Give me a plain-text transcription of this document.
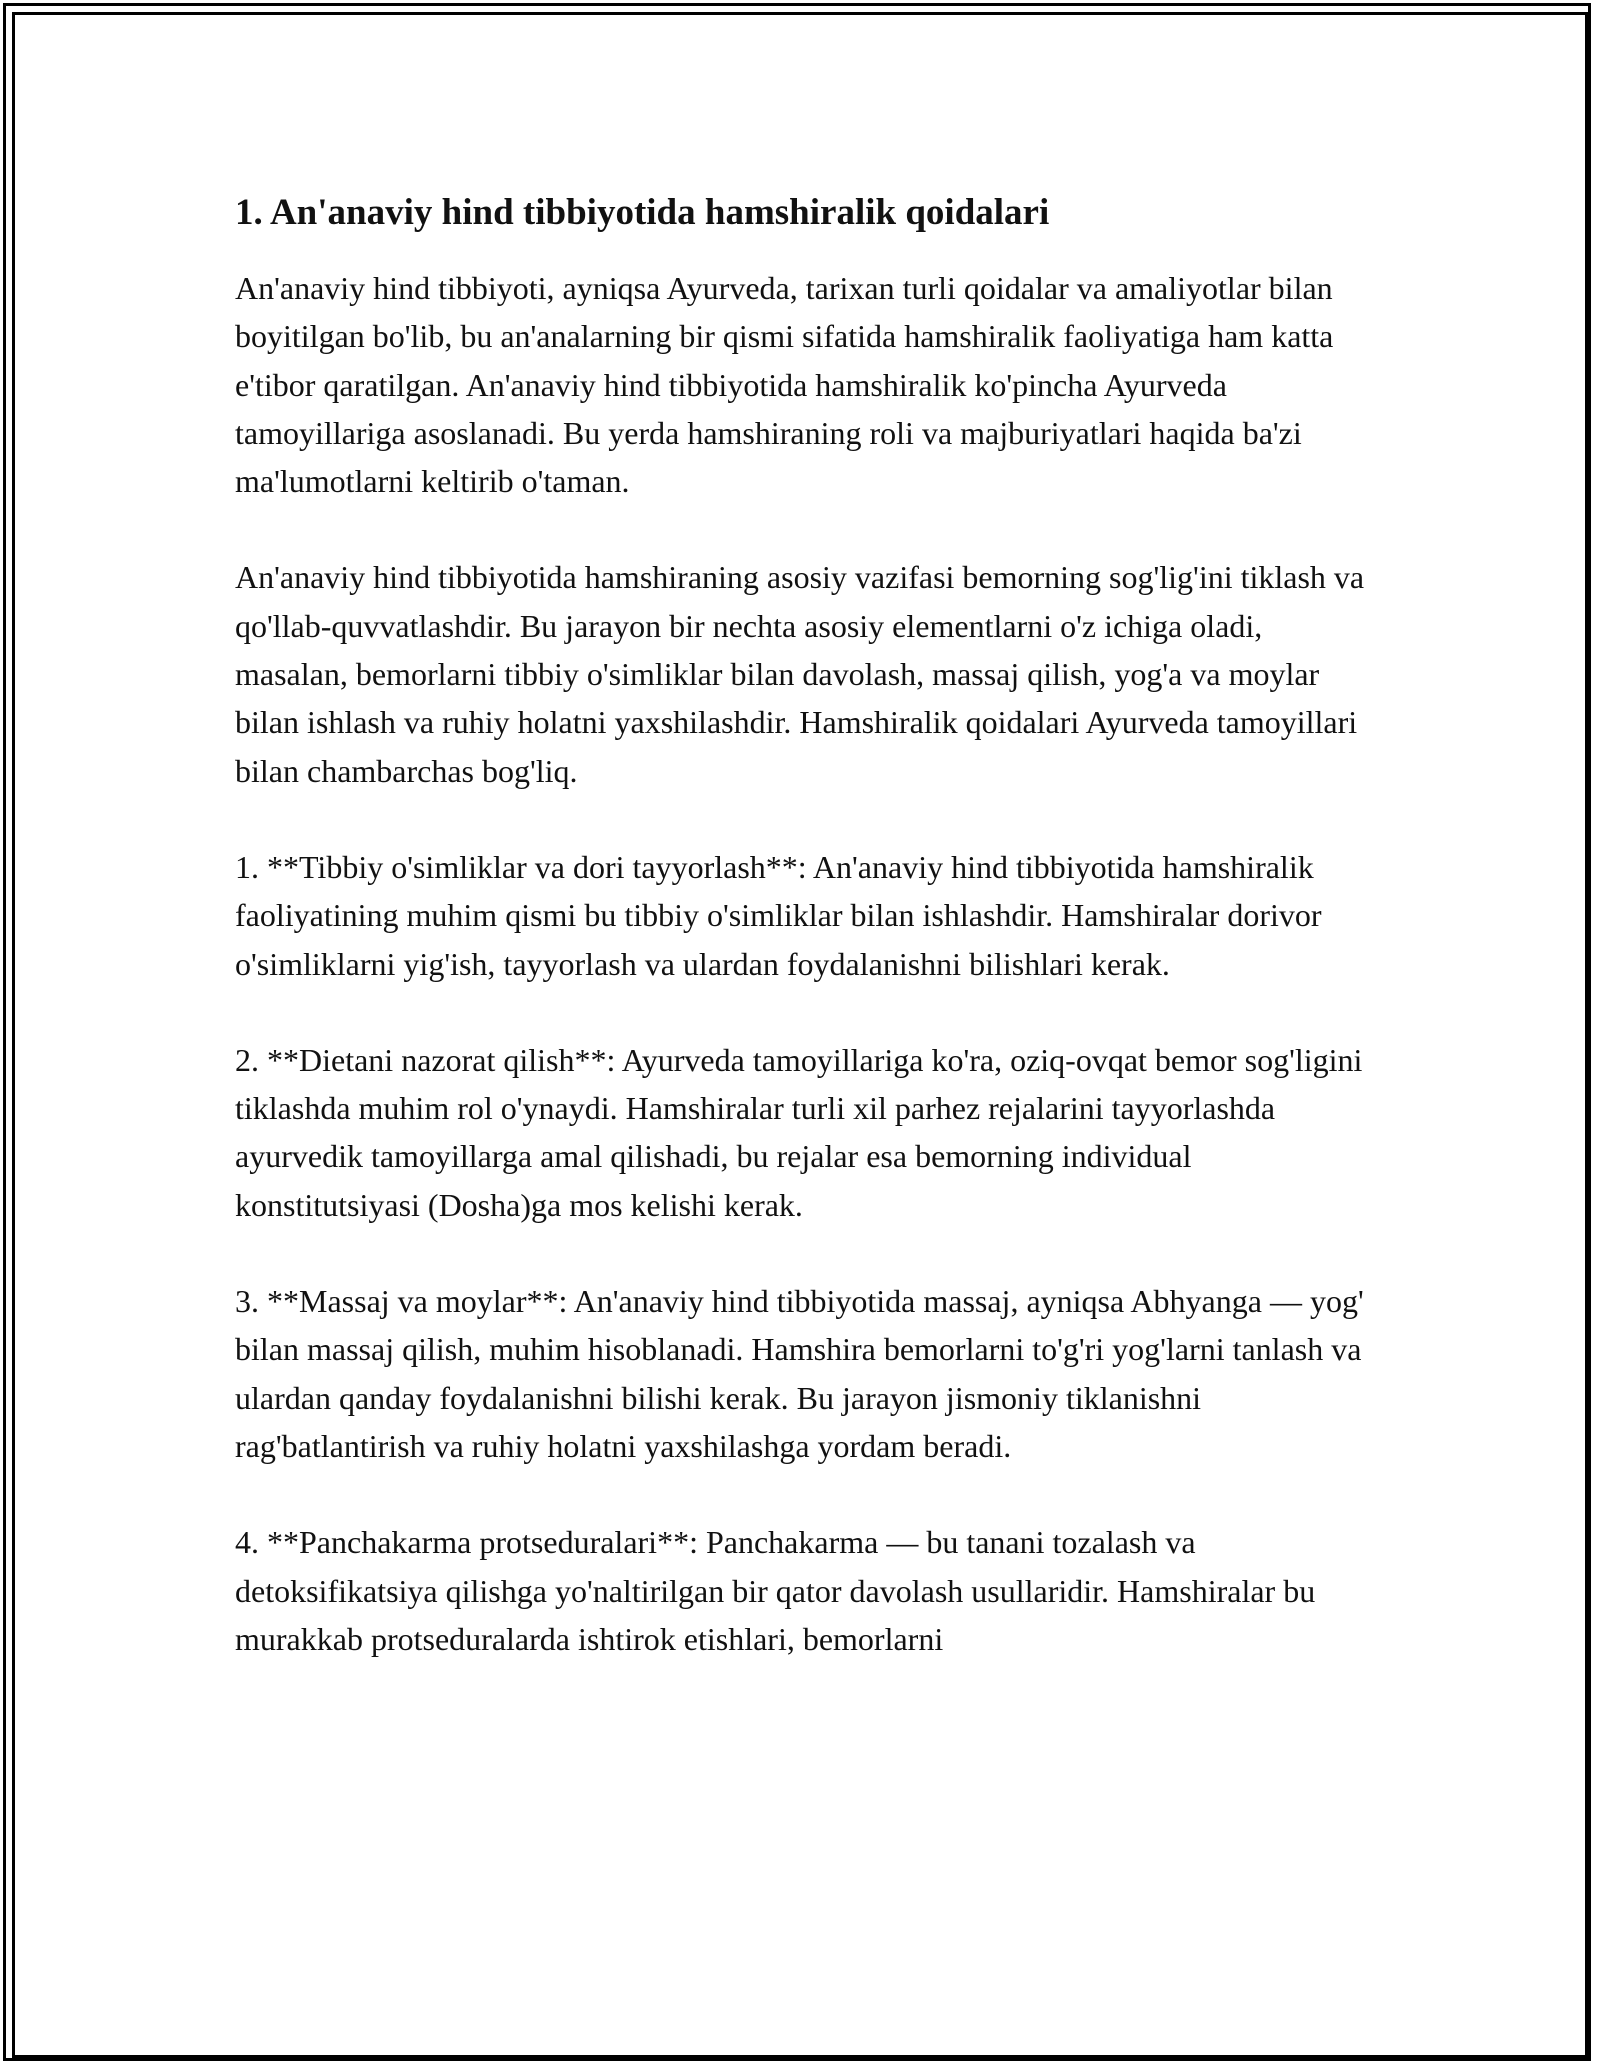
1. An'anaviy hind tibbiyotida hamshiralik qoidalari

An'anaviy hind tibbiyoti, ayniqsa Ayurveda, tarixan turli qoidalar va amaliyotlar bilan boyitilgan bo'lib, bu an'analarning bir qismi sifatida hamshiralik faoliyatiga ham katta e'tibor qaratilgan. An'anaviy hind tibbiyotida hamshiralik ko'pincha Ayurveda tamoyillariga asoslanadi. Bu yerda hamshiraning roli va majburiyatlari haqida ba'zi ma'lumotlarni keltirib o'taman.

An'anaviy hind tibbiyotida hamshiraning asosiy vazifasi bemorning sog'lig'ini tiklash va qo'llab-quvvatlashdir. Bu jarayon bir nechta asosiy elementlarni o'z ichiga oladi, masalan, bemorlarni tibbiy o'simliklar bilan davolash, massaj qilish, yog'a va moylar bilan ishlash va ruhiy holatni yaxshilashdir. Hamshiralik qoidalari Ayurveda tamoyillari bilan chambarchas bog'liq.

1. **Tibbiy o'simliklar va dori tayyorlash**: An'anaviy hind tibbiyotida hamshiralik faoliyatining muhim qismi bu tibbiy o'simliklar bilan ishlashdir. Hamshiralar dorivor o'simliklarni yig'ish, tayyorlash va ulardan foydalanishni bilishlari kerak.

2. **Dietani nazorat qilish**: Ayurveda tamoyillariga ko'ra, oziq-ovqat bemor sog'ligini tiklashda muhim rol o'ynaydi. Hamshiralar turli xil parhez rejalarini tayyorlashda ayurvedik tamoyillarga amal qilishadi, bu rejalar esa bemorning individual konstitutsiyasi (Dosha)ga mos kelishi kerak.

3. **Massaj va moylar**: An'anaviy hind tibbiyotida massaj, ayniqsa Abhyanga — yog' bilan massaj qilish, muhim hisoblanadi. Hamshira bemorlarni to'g'ri yog'larni tanlash va ulardan qanday foydalanishni bilishi kerak. Bu jarayon jismoniy tiklanishni rag'batlantirish va ruhiy holatni yaxshilashga yordam beradi.

4. **Panchakarma protseduralari**: Panchakarma — bu tanani tozalash va detoksifikatsiya qilishga yo'naltirilgan bir qator davolash usullaridir. Hamshiralar bu murakkab protseduralarda ishtirok etishlari, bemorlarni
